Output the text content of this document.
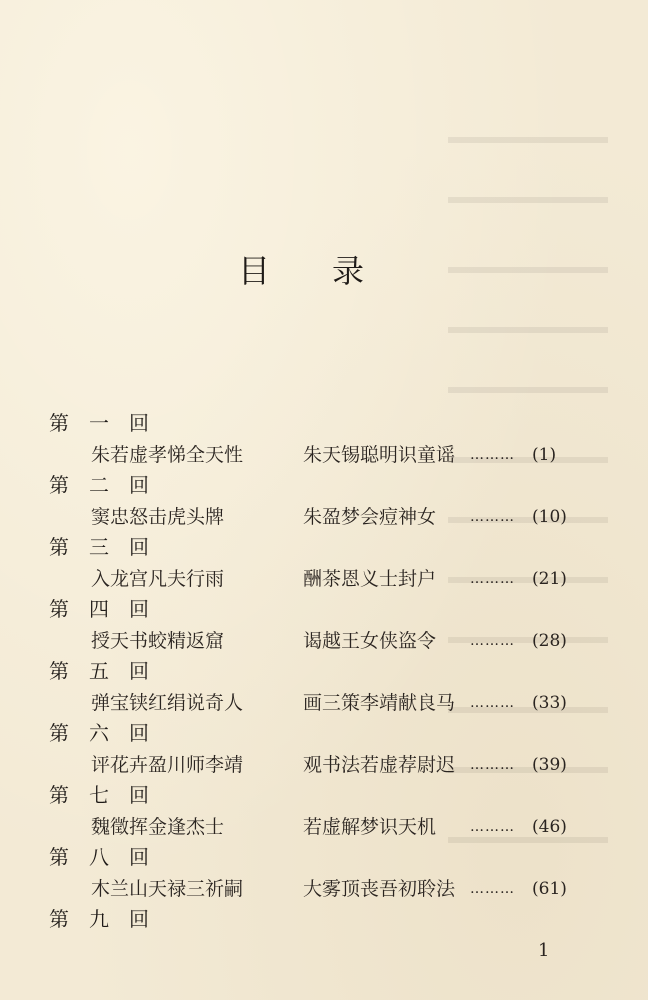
目 录
第　一　回
朱若虚孝悌全天性	朱天锡聪明识童谣 ………	(1)
第　二　回
窦忠怒击虎头牌	朱盈梦会痘神女 ………	(10)
第　三　回
入龙宫凡夫行雨	酬茶恩义士封户 ………	(21)
第　四　回
授天书蛟精返窟	谒越王女侠盗令 ………	(28)
第　五　回
弹宝铗红绢说奇人	画三策李靖献良马 ………	(33)
第　六　回
评花卉盈川师李靖	观书法若虚荐尉迟 ………	(39)
第　七　回
魏徵挥金逢杰士	若虚解梦识天机 ………	(46)
第　八　回
木兰山天禄三祈嗣	大雾顶丧吾初聆法 ………	(61)
第　九　回
1
